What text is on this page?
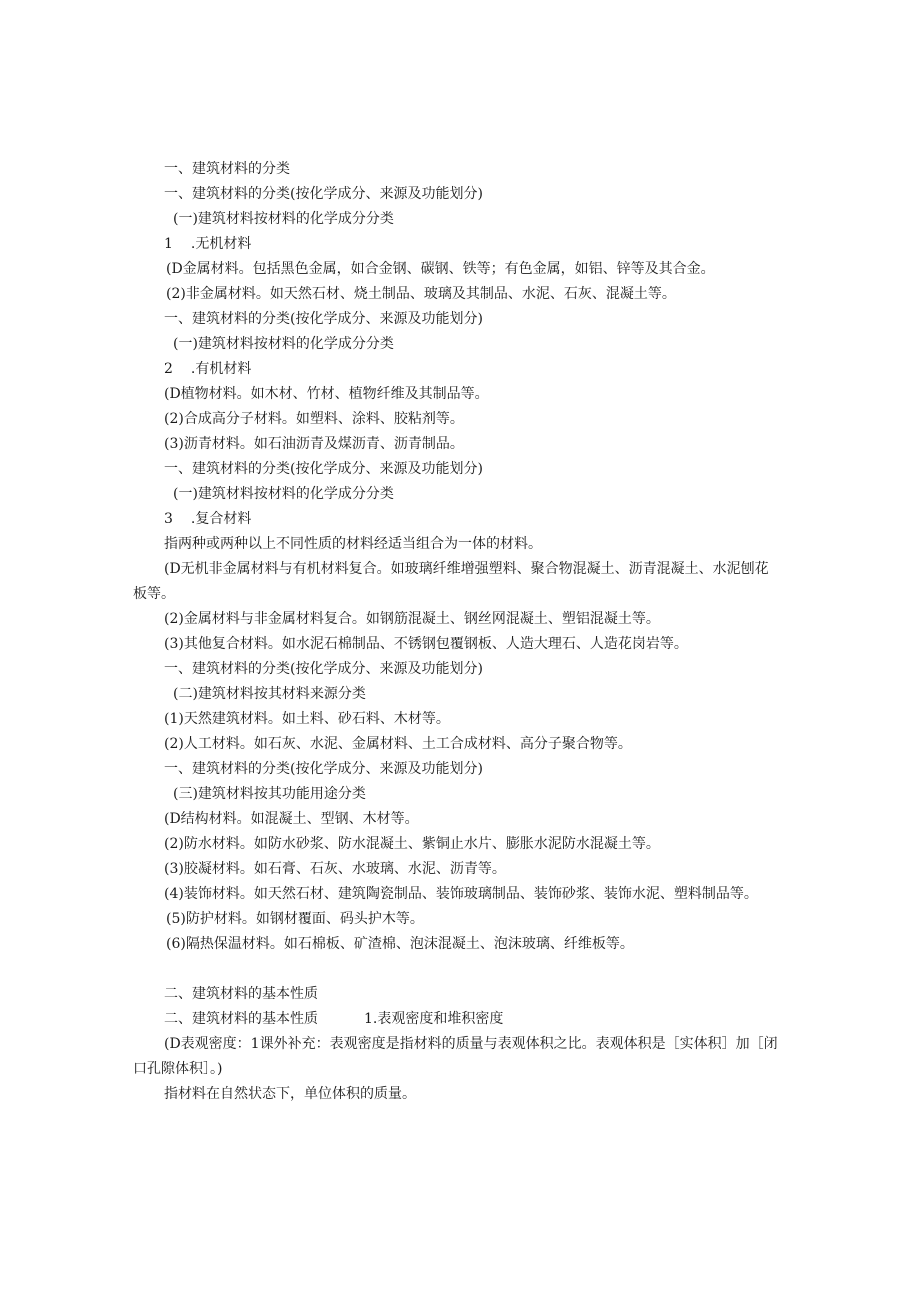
一、建筑材料的分类
一、建筑材料的分类(按化学成分、来源及功能划分)
(一)建筑材料按材料的化学成分分类
1 .无机材料
(D金属材料。包括黑色金属，如合金钢、碳钢、铁等；有色金属，如铝、锌等及其合金。
(2)非金属材料。如天然石材、烧土制品、玻璃及其制品、水泥、石灰、混凝土等。
一、建筑材料的分类(按化学成分、来源及功能划分)
(一)建筑材料按材料的化学成分分类
2 .有机材料
(D植物材料。如木材、竹材、植物纤维及其制品等。
(2)合成高分子材料。如塑料、涂料、胶粘剂等。
(3)沥青材料。如石油沥青及煤沥青、沥青制品。
一、建筑材料的分类(按化学成分、来源及功能划分)
(一)建筑材料按材料的化学成分分类
3 .复合材料
指两种或两种以上不同性质的材料经适当组合为一体的材料。
(D无机非金属材料与有机材料复合。如玻璃纤维增强塑料、聚合物混凝土、沥青混凝土、水泥刨花板等。
(2)金属材料与非金属材料复合。如钢筋混凝土、钢丝网混凝土、塑铝混凝土等。
(3)其他复合材料。如水泥石棉制品、不锈钢包覆钢板、人造大理石、人造花岗岩等。
一、建筑材料的分类(按化学成分、来源及功能划分)
(二)建筑材料按其材料来源分类
(1)天然建筑材料。如土料、砂石料、木材等。
(2)人工材料。如石灰、水泥、金属材料、土工合成材料、高分子聚合物等。
一、建筑材料的分类(按化学成分、来源及功能划分)
(三)建筑材料按其功能用途分类
(D结构材料。如混凝土、型钢、木材等。
(2)防水材料。如防水砂浆、防水混凝土、紫铜止水片、膨胀水泥防水混凝土等。
(3)胶凝材料。如石膏、石灰、水玻璃、水泥、沥青等。
(4)装饰材料。如天然石材、建筑陶瓷制品、装饰玻璃制品、装饰砂浆、装饰水泥、塑料制品等。
(5)防护材料。如钢材覆面、码头护木等。
(6)隔热保温材料。如石棉板、矿渣棉、泡沫混凝土、泡沫玻璃、纤维板等。
二、建筑材料的基本性质
二、建筑材料的基本性质	1.表观密度和堆积密度
(D表观密度：1课外补充：表观密度是指材料的质量与表观体积之比。表观体积是［实体积］加［闭口孔隙体积］。)
指材料在自然状态下，单位体积的质量。
